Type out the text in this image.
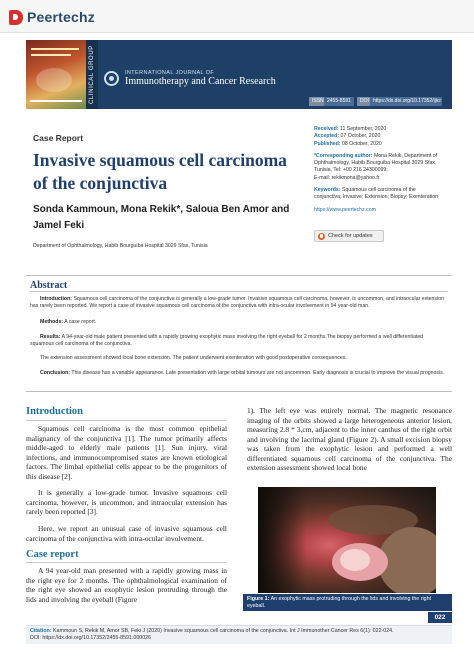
Peertechz
CLINICAL GROUP	INTERNATIONAL JOURNAL OF
Immunotherapy and Cancer Research
ISSN 2455-8591	DOI https://dx.doi.org/10.17352/ijicr
Case Report
Invasive squamous cell carcinoma of the conjunctiva
Sonda Kammoun, Mona Rekik*, Saloua Ben Amor and Jamel Feki
Department of Ophthalmology, Habib Bourguiba Hospital 3029 Sfax, Tunisia
Received: 11 September, 2020
Accepted: 07 October, 2020
Published: 08 October, 2020
*Corresponding author: Mona Rekik, Department of
Ophthalmology, Habib Bourguiba Hospital 3029 Sfax,
Tunisia, Tel: +00 216 24300099;
E-mail: rekikmona@yahoo.fr
Keywords: Squamous cell carcinoma of the
conjunctiva; Invasive; Extension; Biopsy; Exenteration
https://www.peertechz.com
Check for updates
Abstract
Introduction: Squamous cell carcinoma of the conjunctiva is generally a low-grade tumor. Invasive squamous cell carcinoma, however, is uncommon, and intraocular extension has rarely been reported. We report a case of invasive squamous cell carcinoma of the conjunctiva with intra-ocular involvement in 94 year-old man.
Methods: A case report.
Results: A 94-year-old male patient presented with a rapidly growing exophytic mass involving the right eyeball for 2 months.The biopsy performed a well differentiated squamous cell carcinoma of the conjunctiva.
The extension assessment showed local bone extension. The patient underwent exenteration with good postoperative consequences.
Conclusion: This disease has a variable appearance. Late presentation with large orbital tumours are not uncommon. Early diagnosis is crucial to improve the visual prognosis.
Introduction
Squamous cell carcinoma is the most common epithelial malignancy of the conjunctiva [1]. The tumor primarily affects middle-aged to elderly male patients [1]. Sun injury, viral infections, and immunocompromised states are known etiological factors. The limbal epithelial cells appear to be the progenitors of this disease [2].
It is generally a low-grade tumor. Invasive squamous cell carcinoma, however, is uncommon, and intraocular extension has rarely been reported [3].
Here, we report an unusual case of invasive squamous cell carcinoma of the conjunctiva with intra-ocular involvement.
Case report
A 94 year-old man presented with a rapidly growing mass in the right eye for 2 months. The ophthalmological examination of the right eye showed an exophytic lesion protruding through the lids and involving the eyeball (Figure
1). The left eye was entirely normal. The magnetic resonance imaging of the orbits showed a large heterogeneous anterior lesion, measuring 2.8 * 3,cm, adjacent to the inner canthus of the right orbit and involving the lacrimal gland (Figure 2). A small excision biopsy was taken from the exophytic lesion and performed a well differentiated squamous cell carcinoma of the conjunctiva. The extension assessment showed local bone
Figure 1: An exophytic mass protruding through the lids and involving the right eyeball.
022
Citation: Kammoun S, Rekik M, Amor SB, Feki J (2020) Invasive squamous cell carcinoma of the conjunctiva. Int J Immunother Cancer Res 6(1): 022-024.
DOI: https://dx.doi.org/10.17352/2455-8591.000026
